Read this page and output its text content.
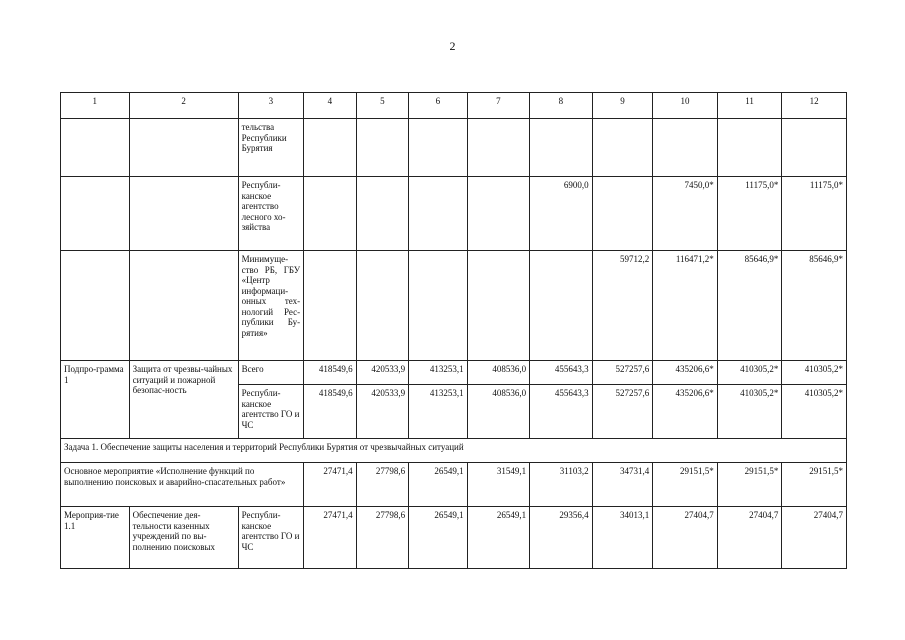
2
1	2	3	4	5	6	7	8	9	10	11	12
		тельства Республики Бурятия									
		Республи-канское агентство лесного хо-зяйства					6900,0		7450,0*	11175,0*	11175,0*
		Минимуще-ство РБ, ГБУ «Центр информаци-онных тех-нологий Рес-публики Бу-рятия»						59712,2	116471,2*	85646,9*	85646,9*
Подпро-грамма 1	Защита от чрезвы-чайных ситуаций и пожарной безопас-ность	Всего	418549,6	420533,9	413253,1	408536,0	455643,3	527257,6	435206,6*	410305,2*	410305,2*
		Республи-канское агентство ГО и ЧС	418549,6	420533,9	413253,1	408536,0	455643,3	527257,6	435206,6*	410305,2*	410305,2*
Задача 1. Обеспечение защиты населения и территорий Республики Бурятия от чрезвычайных ситуаций											
Основное мероприятие «Исполнение функций по выполнению поисковых и аварийно-спасательных работ»			27471,4	27798,6	26549,1	31549,1	31103,2	34731,4	29151,5*	29151,5*	29151,5*
Мероприя-тие 1.1	Обеспечение дея-тельности казенных учреждений по вы-полнению поисковых	Республи-канское агентство ГО и ЧС	27471,4	27798,6	26549,1	26549,1	29356,4	34013,1	27404,7	27404,7	27404,7
